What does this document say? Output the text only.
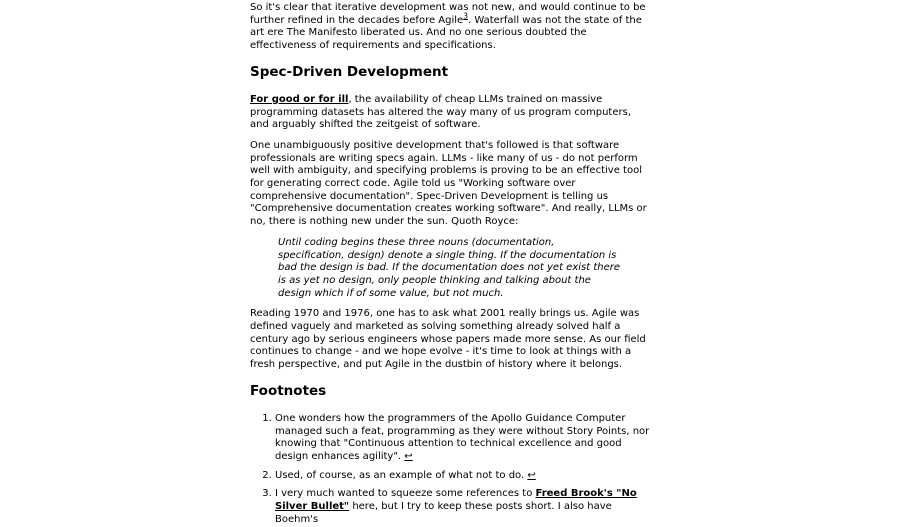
So it's clear that iterative development was not new, and would continue to be further refined in the decades before Agile$^3$. Waterfall was not the state of the art ere The Manifesto liberated us. And no one serious doubted the effectiveness of requirements and specifications.

Spec-Driven Development

For good or for ill, the availability of cheap LLMs trained on massive programming datasets has altered the way many of us program computers, and arguably shifted the zeitgeist of software.

One unambiguously positive development that's followed is that software professionals are writing specs again. LLMs - like many of us - do not perform well with ambiguity, and specifying problems is proving to be an effective tool for generating correct code. Agile told us "Working software over comprehensive documentation". Spec-Driven Development is telling us "Comprehensive documentation creates working software". And really, LLMs or no, there is nothing new under the sun. Quoth Royce:

Until coding begins these three nouns (documentation, specification, design) denote a single thing. If the documentation is bad the design is bad. If the documentation does not yet exist there is as yet no design, only people thinking and talking about the design which if of some value, but not much.

Reading 1970 and 1976, one has to ask what 2001 really brings us. Agile was defined vaguely and marketed as solving something already solved half a century ago by serious engineers whose papers made more sense. As our field continues to change - and we hope evolve - it's time to look at things with a fresh perspective, and put Agile in the dustbin of history where it belongs.

Footnotes
1. One wonders how the programmers of the Apollo Guidance Computer managed such a feat, programming as they were without Story Points, nor knowing that "Continuous attention to technical excellence and good design enhances agility". ↩
2. Used, of course, as an example of what not to do. ↩
3. I very much wanted to squeeze some references to Freed Brook's "No Silver Bullet" here, but I try to keep these posts short. I also have Boehm's
